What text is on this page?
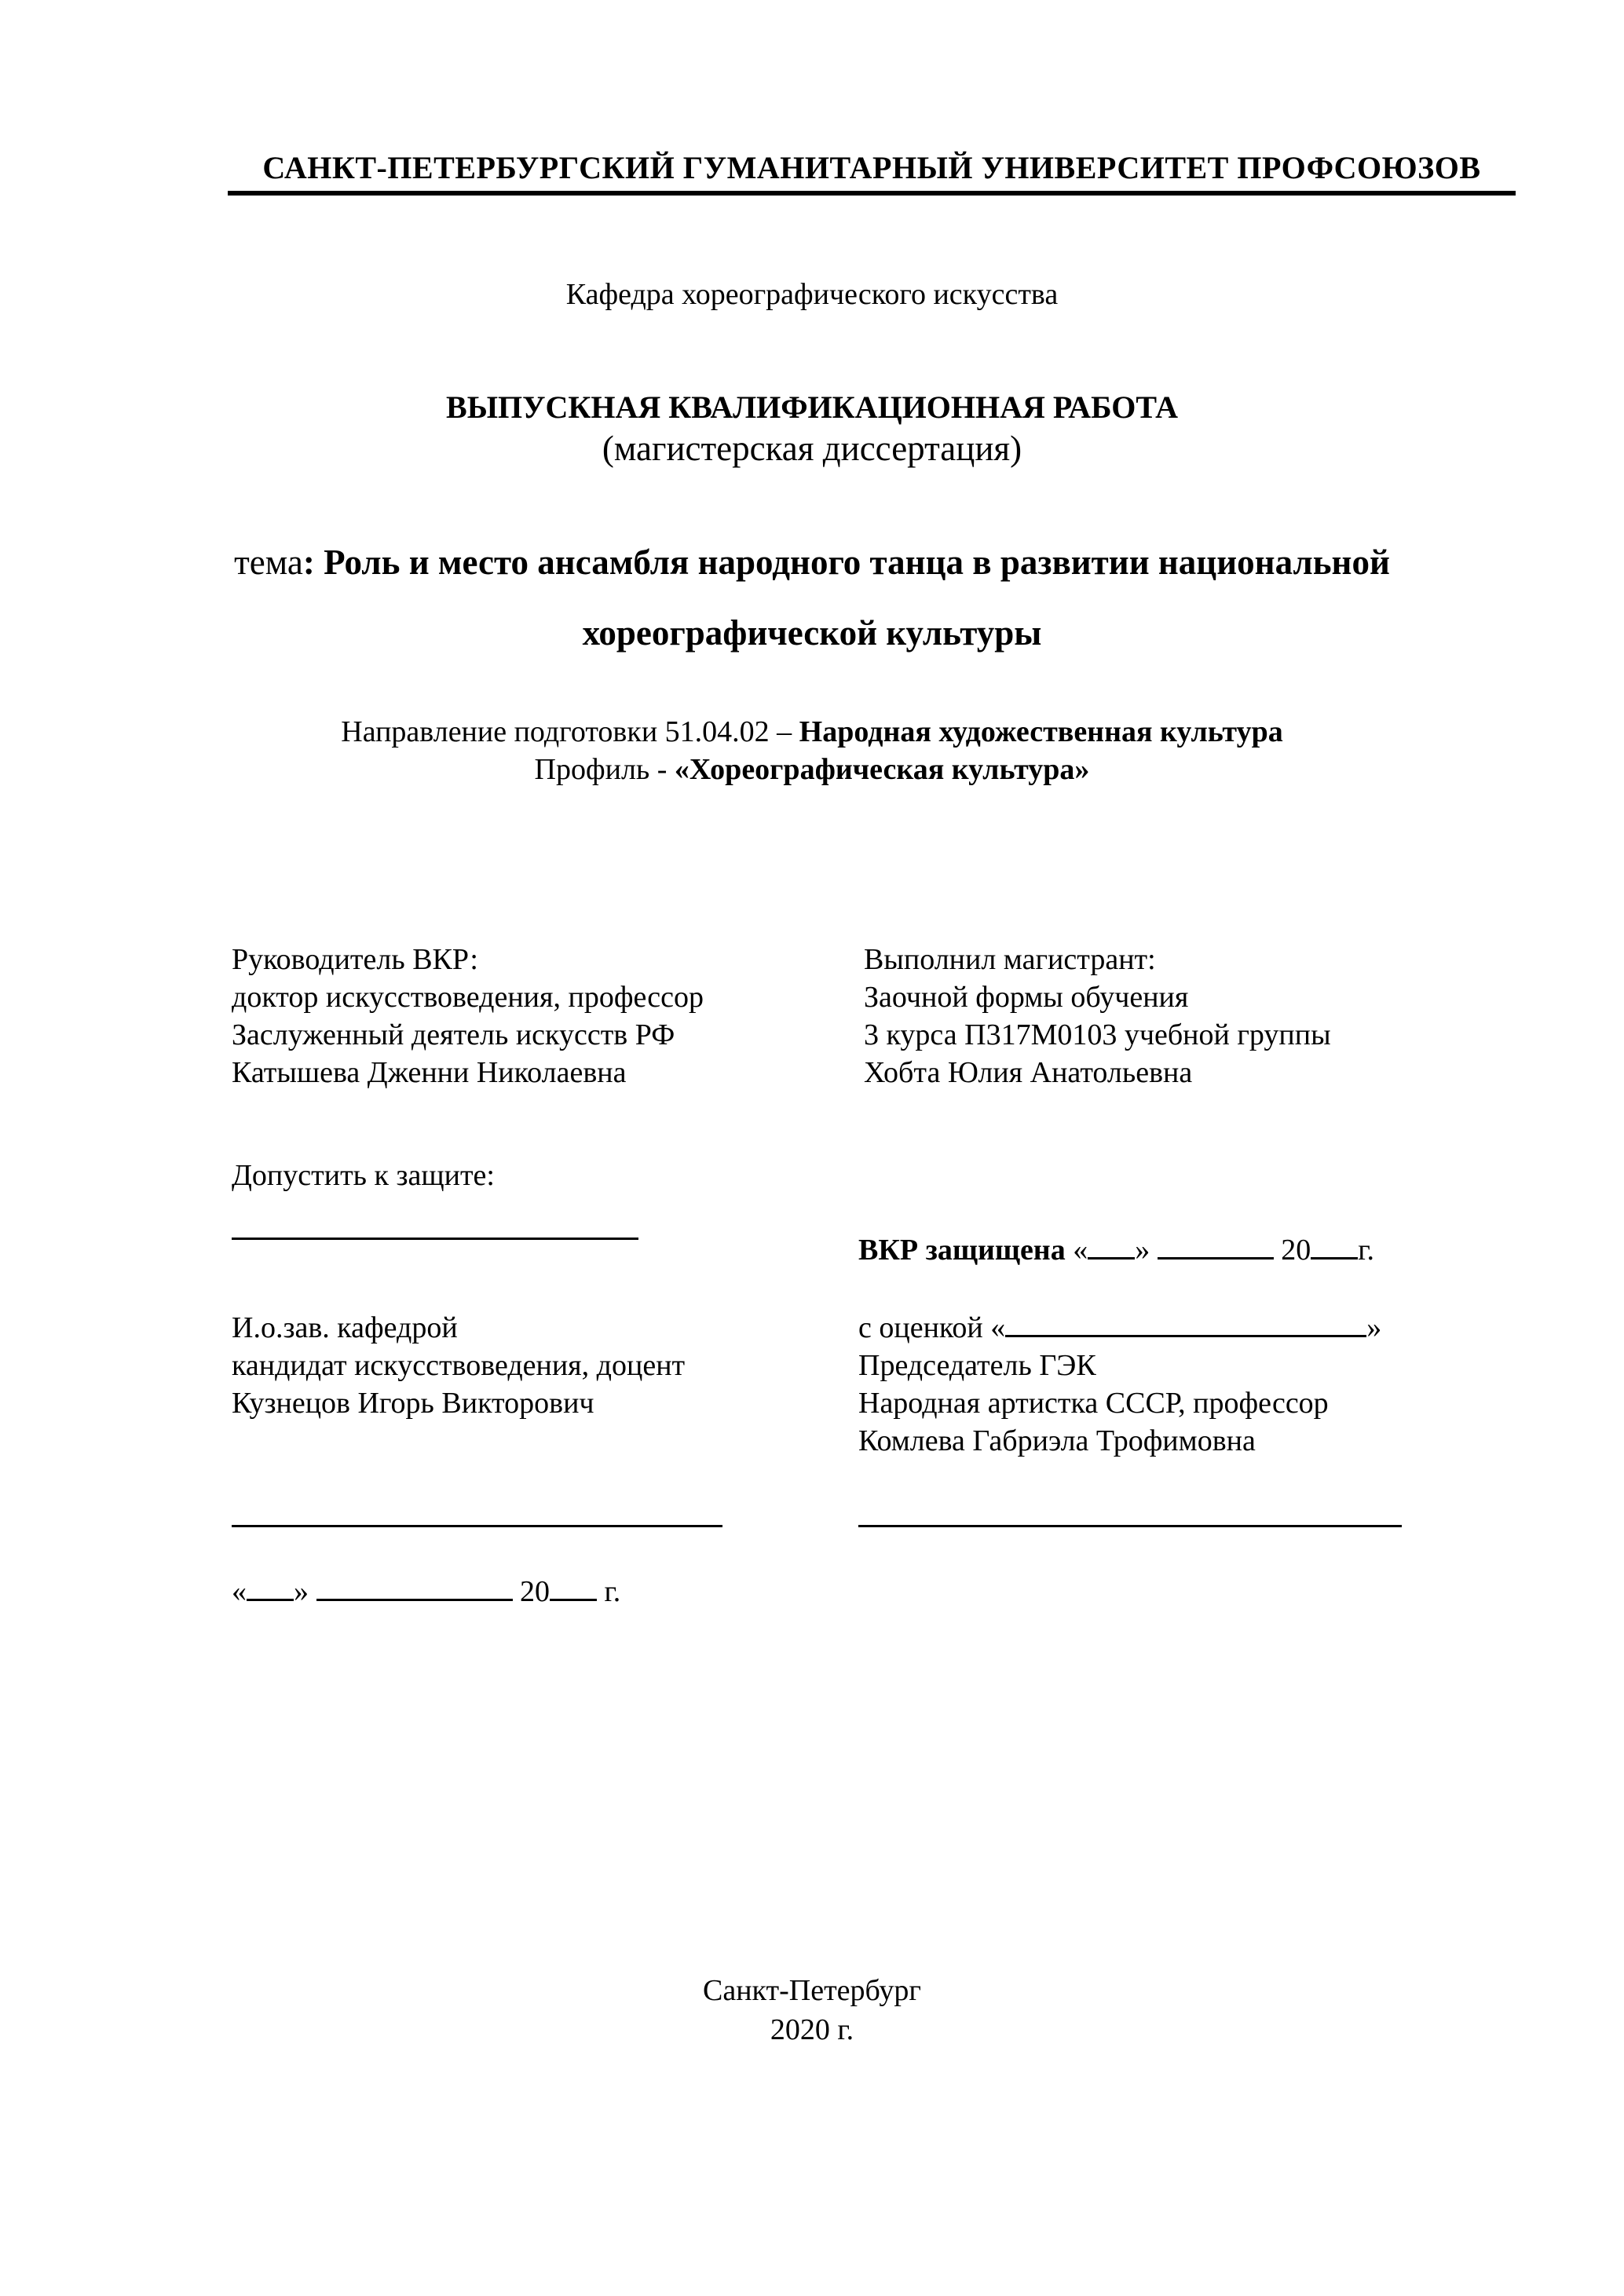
САНКТ-ПЕТЕРБУРГСКИЙ ГУМАНИТАРНЫЙ УНИВЕРСИТЕТ ПРОФСОЮЗОВ
Кафедра хореографического искусства
ВЫПУСКНАЯ КВАЛИФИКАЦИОННАЯ РАБОТА
(магистерская диссертация)
тема: Роль и место ансамбля народного танца в развитии национальной
хореографической культуры
Направление подготовки 51.04.02 – Народная художественная культура
Профиль - «Хореографическая культура»
Руководитель ВКР:
доктор искусствоведения, профессор
Заслуженный деятель искусств РФ
Катышева Дженни Николаевна
Выполнил магистрант:
Заочной формы обучения
3 курса П317М0103 учебной группы
Хобта Юлия Анатольевна
Допустить к защите:
ВКР защищена « »	20 г.
И.о.зав. кафедрой
кандидат искусствоведения, доцент
Кузнецов Игорь Викторович
с оценкой «	»
Председатель ГЭК
Народная артистка СССР, профессор
Комлева Габриэла Трофимовна
« »	20 г.
Санкт-Петербург
2020 г.
